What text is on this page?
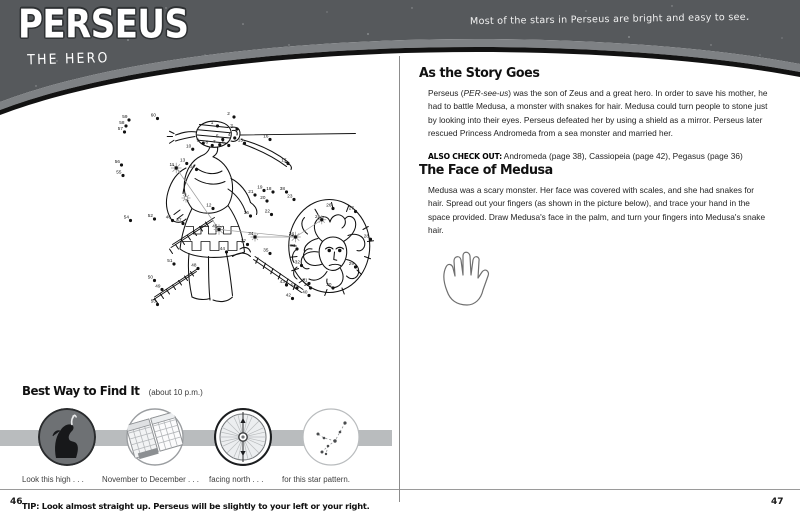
PERSEUS
THE HERO
Most of the stars in Perseus are bright and easy to see.
46	47
1
2
3
4
5
6
7
8
9
10
11
12
13
14
15
16
17
18
19
20
21
22
23
24
25
26
27
28
29
30
31
32
33
34
35
36
37
38
39
40
41
42
43
44
45
46
47
48
49
50
51
52
53
54
55
56
57
58
59	60
As the Story Goes

Perseus (PER-see-us) was the son of Zeus and a great hero. In order to save his mother, he had to battle Medusa, a monster with snakes for hair. Medusa could turn people to stone just by looking into their eyes. Perseus defeated her by using a shield as a mirror. Perseus later rescued Princess Andromeda from a sea monster and married her.

ALSO CHECK OUT: Andromeda (page 38), Cassiopeia (page 42), Pegasus (page 36)

The Face of Medusa

Medusa was a scary monster. Her face was covered with scales, and she had snakes for hair. Spread out your fingers (as shown in the picture below), and trace your hand in the space provided. Draw Medusa's face in the palm, and turn your fingers into Medusa's snake hair.

Best Way to Find It (about 10 p.m.)
Look this high . . . November to December . . . facing north . . . for this star pattern.
TIP: Look almost straight up. Perseus will be slightly to your left or your right.
